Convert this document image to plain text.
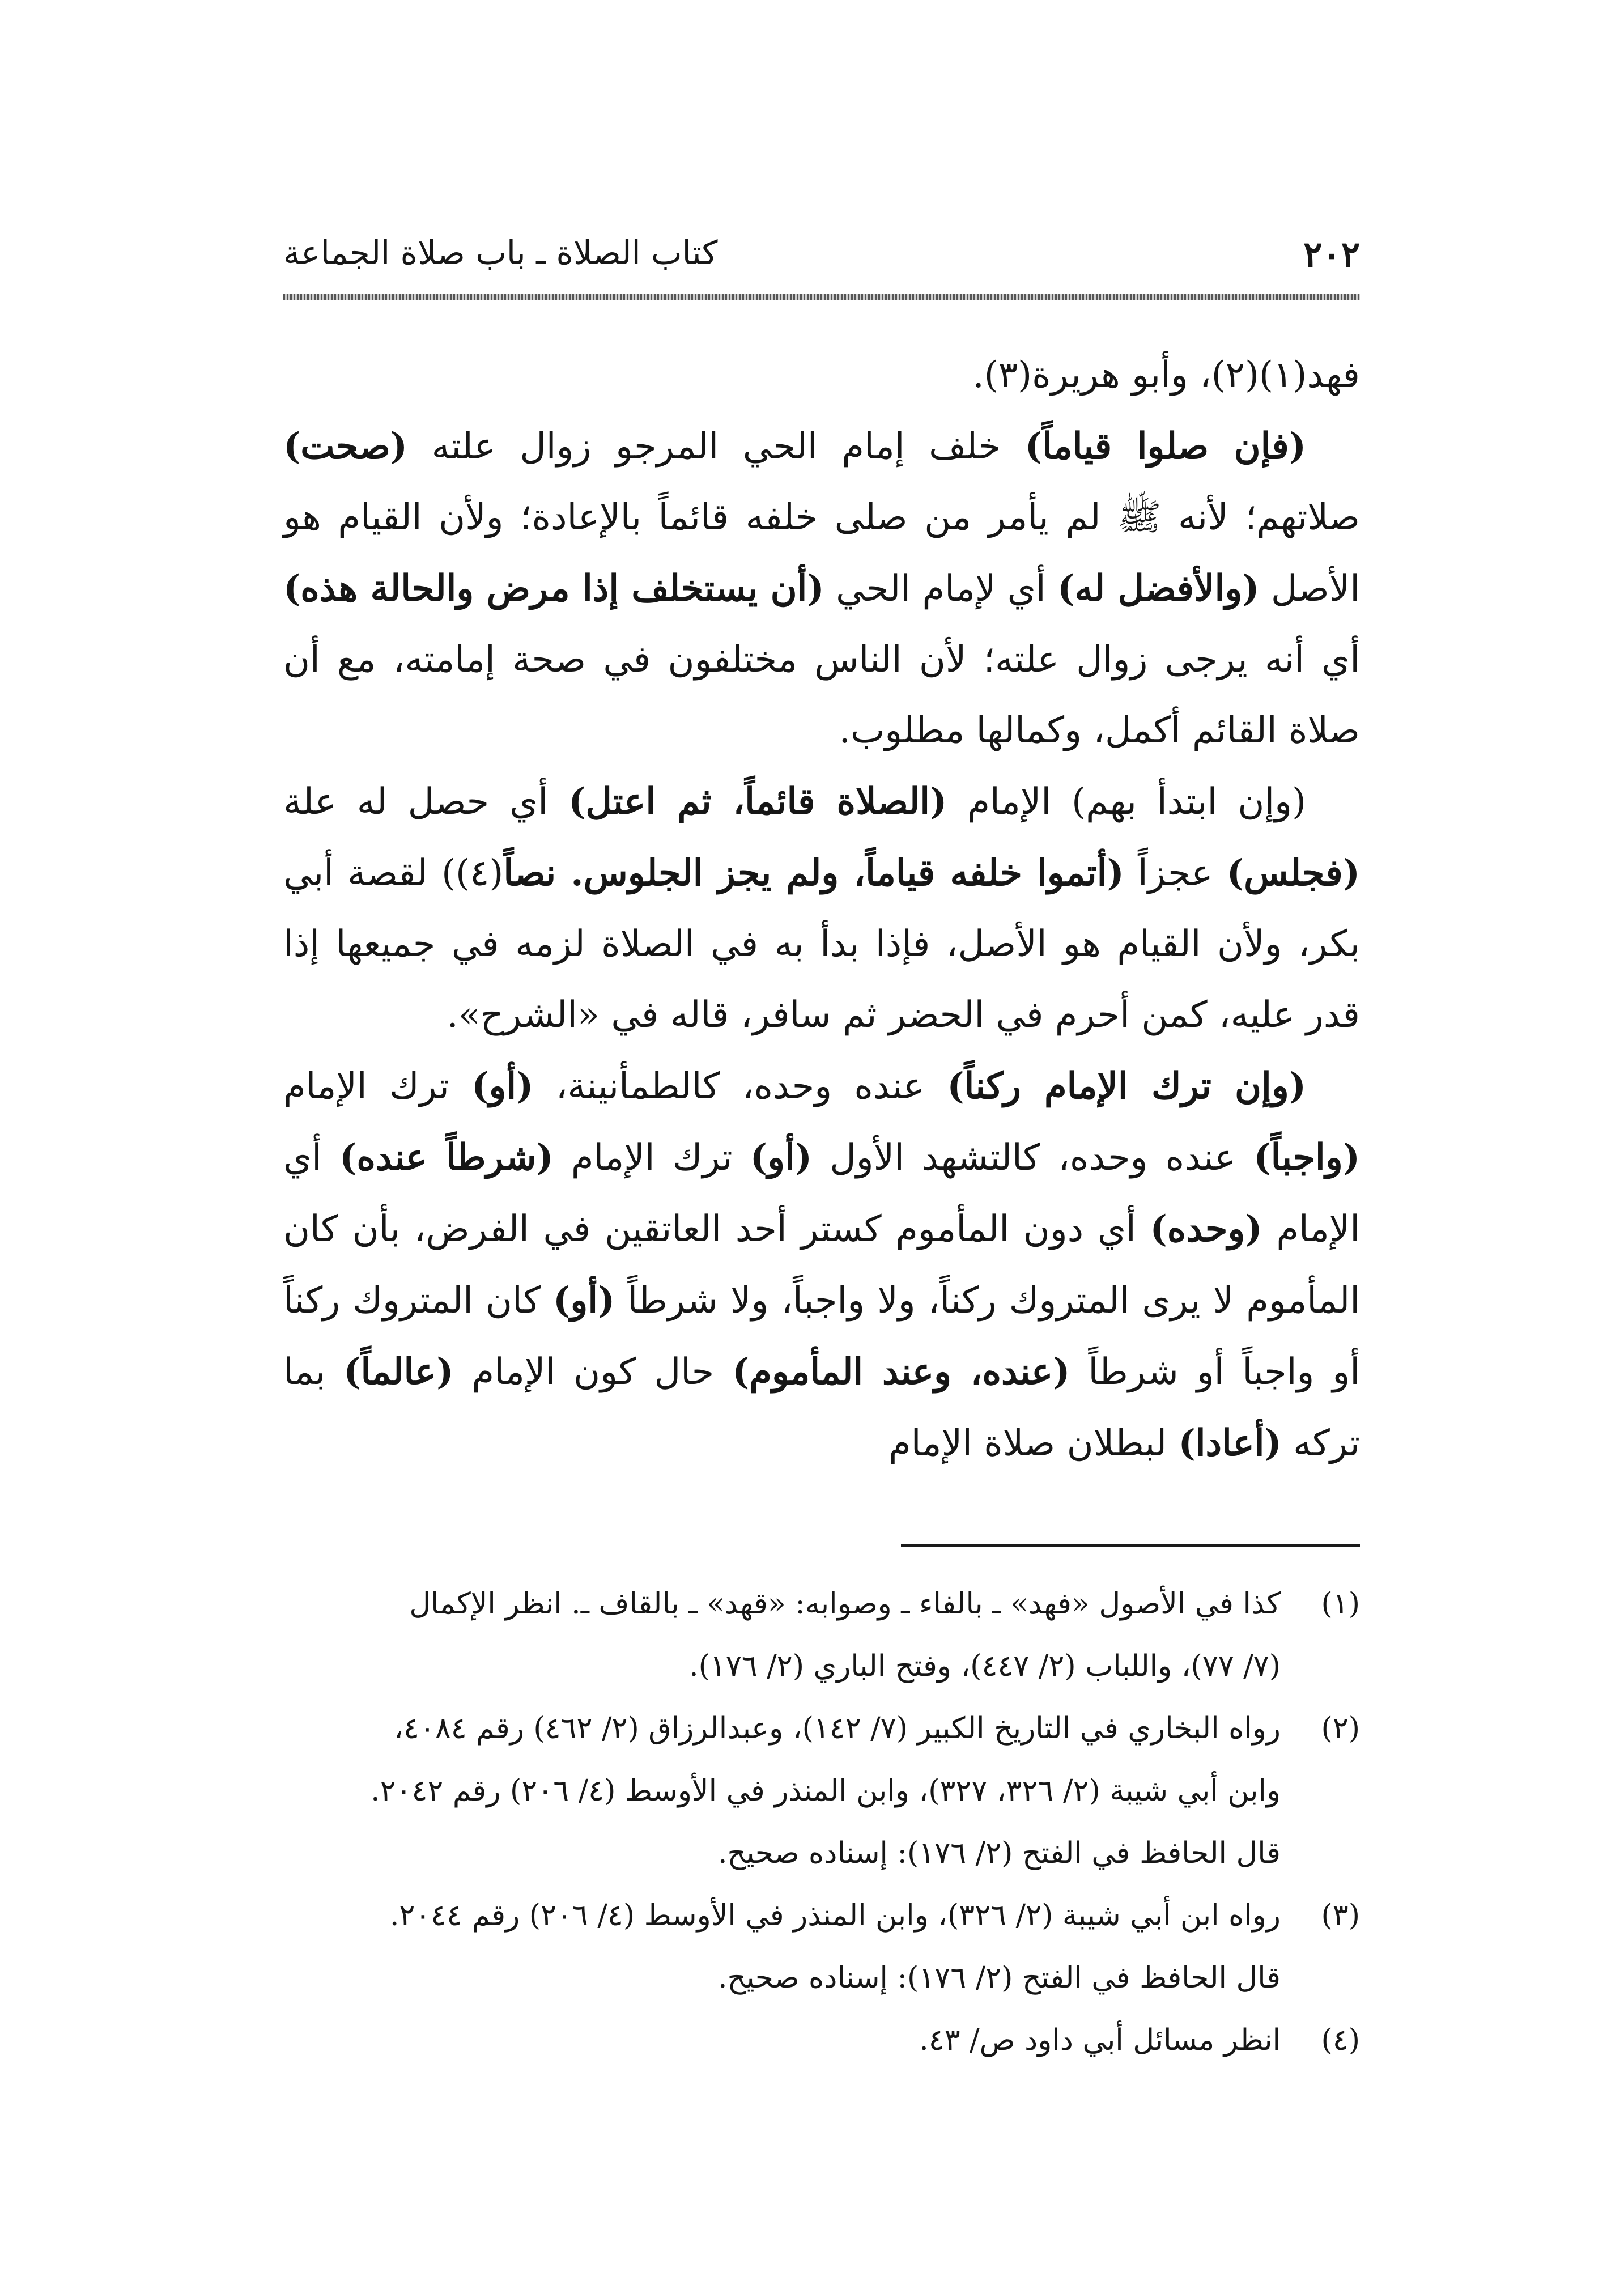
٢٠٢
كتاب الصلاة ـ باب صلاة الجماعة

فهد(١)(٢)، وأبو هريرة(٣).

(فإن صلوا قياماً) خلف إمام الحي المرجو زوال علته (صحت) صلاتهم؛ لأنه ﷺ لم يأمر من صلى خلفه قائماً بالإعادة؛ ولأن القيام هو الأصل (والأفضل له) أي لإمام الحي (أن يستخلف إذا مرض والحالة هذه) أي أنه يرجى زوال علته؛ لأن الناس مختلفون في صحة إمامته، مع أن صلاة القائم أكمل، وكمالها مطلوب.

(وإن ابتدأ بهم) الإمام (الصلاة قائماً، ثم اعتل) أي حصل له علة (فجلس) عجزاً (أتموا خلفه قياماً، ولم يجز الجلوس. نصاً(٤)) لقصة أبي بكر، ولأن القيام هو الأصل، فإذا بدأ به في الصلاة لزمه في جميعها إذا قدر عليه، كمن أحرم في الحضر ثم سافر، قاله في «الشرح».

(وإن ترك الإمام ركناً) عنده وحده، كالطمأنينة، (أو) ترك الإمام (واجباً) عنده وحده، كالتشهد الأول (أو) ترك الإمام (شرطاً عنده) أي الإمام (وحده) أي دون المأموم كستر أحد العاتقين في الفرض، بأن كان المأموم لا يرى المتروك ركناً، ولا واجباً، ولا شرطاً (أو) كان المتروك ركناً أو واجباً أو شرطاً (عنده، وعند المأموم) حال كون الإمام (عالماً) بما تركه (أعادا) لبطلان صلاة الإمام

(١)
كذا في الأصول «فهد» ـ بالفاء ـ وصوابه: «قهد» ـ بالقاف ـ. انظر الإكمال
(٧/ ٧٧)، واللباب (٢/ ٤٤٧)، وفتح الباري (٢/ ١٧٦).
(٢)
رواه البخاري في التاريخ الكبير (٧/ ١٤٢)، وعبدالرزاق (٢/ ٤٦٢) رقم ٤٠٨٤،
وابن أبي شيبة (٢/ ٣٢٦، ٣٢٧)، وابن المنذر في الأوسط (٤/ ٢٠٦) رقم ٢٠٤٢.
قال الحافظ في الفتح (٢/ ١٧٦): إسناده صحيح.
(٣)
رواه ابن أبي شيبة (٢/ ٣٢٦)، وابن المنذر في الأوسط (٤/ ٢٠٦) رقم ٢٠٤٤.
قال الحافظ في الفتح (٢/ ١٧٦): إسناده صحيح.
(٤)
انظر مسائل أبي داود ص/ ٤٣.
